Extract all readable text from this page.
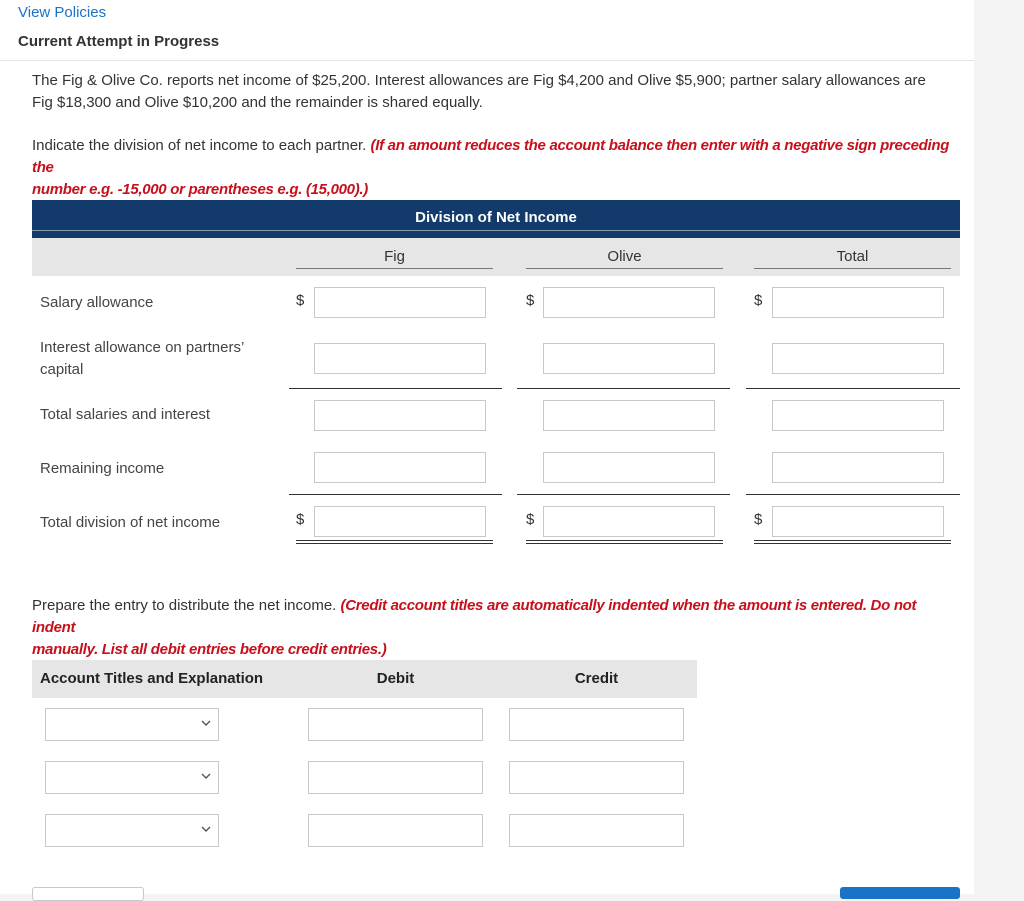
View Policies
Current Attempt in Progress
The Fig & Olive Co. reports net income of $25,200. Interest allowances are Fig $4,200 and Olive $5,900; partner salary allowances are
Fig $18,300 and Olive $10,200 and the remainder is shared equally.
Indicate the division of net income to each partner. (If an amount reduces the account balance then enter with a negative sign preceding the
number e.g. -15,000 or parentheses e.g. (15,000).)
Division of Net Income
Fig	Olive	Total
Salary allowance	$	$	$
Interest allowance on partners’
capital
Total salaries and interest
Remaining income
Total division of net income	$	$	$
Prepare the entry to distribute the net income. (Credit account titles are automatically indented when the amount is entered. Do not indent
manually. List all debit entries before credit entries.)
Account Titles and Explanation	Debit	Credit
